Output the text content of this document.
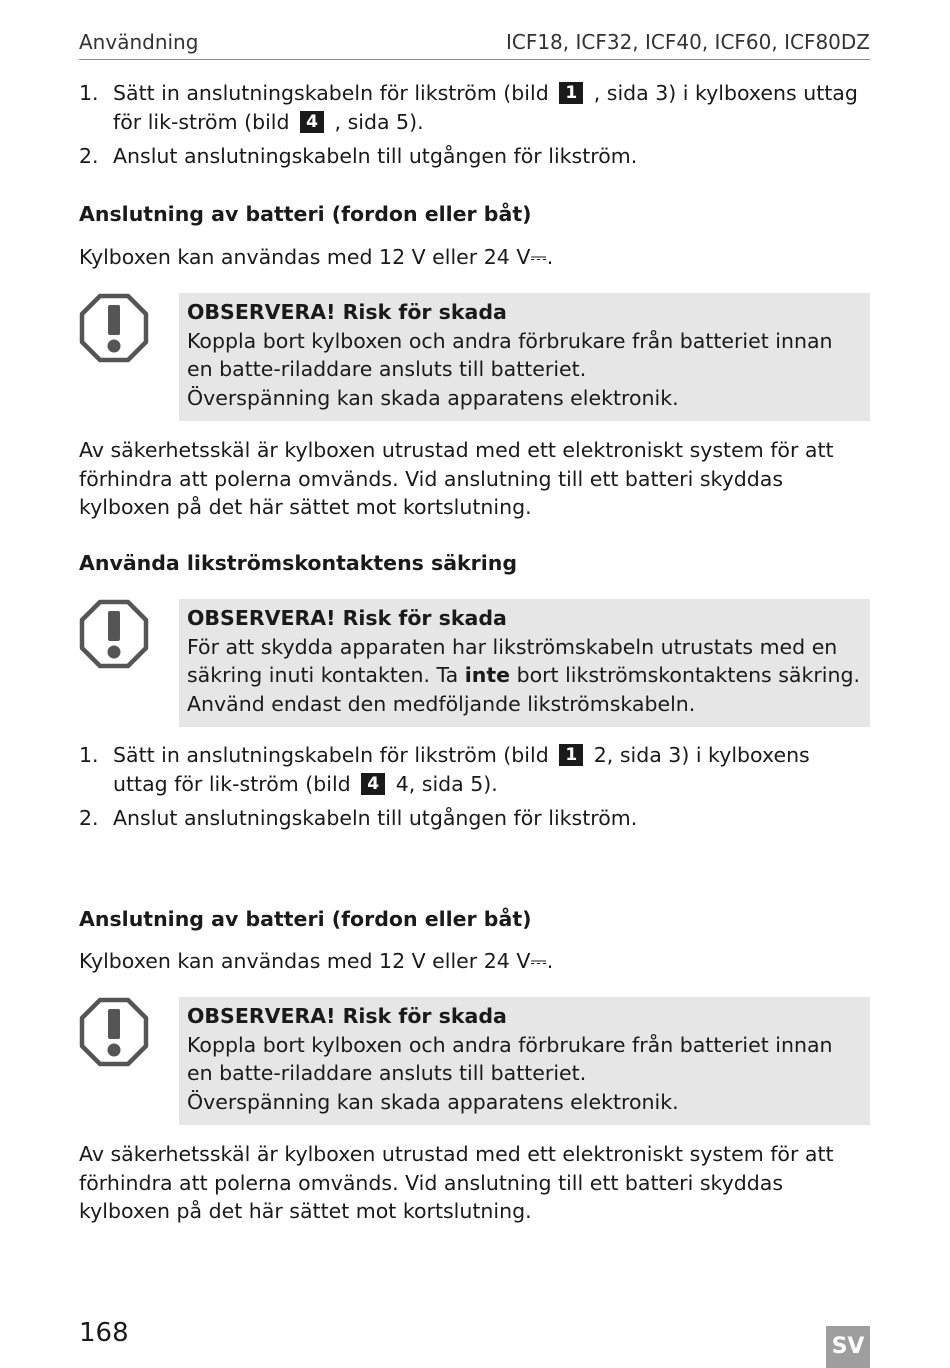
Användning	ICF18, ICF32, ICF40, ICF60, ICF80DZ
1. Sätt in anslutningskabeln för likström (bild 1 , sida 3) i kylboxens uttag för lik-ström (bild 4 , sida 5).
2. Anslut anslutningskabeln till utgången för likström.
Anslutning av batteri (fordon eller båt)

Kylboxen kan användas med 12 V eller 24 V⎓.

OBSERVERA! Risk för skada

Koppla bort kylboxen och andra förbrukare från batteriet innan en batte-riladdare ansluts till batteriet.

Överspänning kan skada apparatens elektronik.

Av säkerhetsskäl är kylboxen utrustad med ett elektroniskt system för att förhindra att polerna omvänds. Vid anslutning till ett batteri skyddas kylboxen på det här sättet mot kortslutning.

Använda likströmskontaktens säkring

OBSERVERA! Risk för skada

För att skydda apparaten har likströmskabeln utrustats med en säkring inuti kontakten. Ta inte bort likströmskontaktens säkring.

Använd endast den medföljande likströmskabeln.

1. Sätt in anslutningskabeln för likström (bild 1 2, sida 3) i kylboxens uttag för lik-ström (bild 4 4, sida 5).
2. Anslut anslutningskabeln till utgången för likström.
Anslutning av batteri (fordon eller båt)

Kylboxen kan användas med 12 V eller 24 V⎓.

OBSERVERA! Risk för skada

Koppla bort kylboxen och andra förbrukare från batteriet innan en batte-riladdare ansluts till batteriet.

Överspänning kan skada apparatens elektronik.

Av säkerhetsskäl är kylboxen utrustad med ett elektroniskt system för att förhindra att polerna omvänds. Vid anslutning till ett batteri skyddas kylboxen på det här sättet mot kortslutning.

168	SV
